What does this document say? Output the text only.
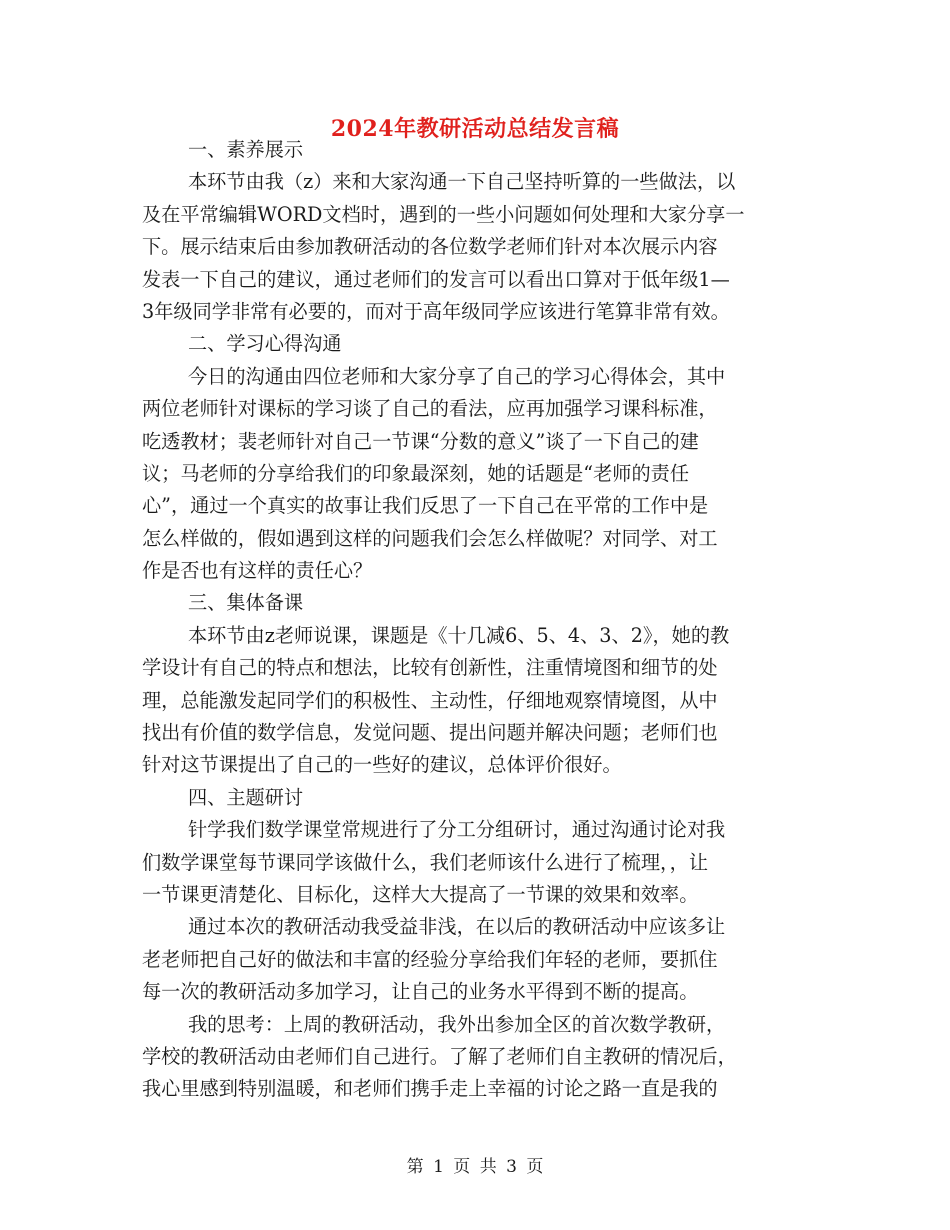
2024年教研活动总结发言稿
一、素养展示
本环节由我（z）来和大家沟通一下自己坚持听算的一些做法，以
及在平常编辑WORD文档时，遇到的一些小问题如何处理和大家分享一
下。展示结束后由参加教研活动的各位数学老师们针对本次展示内容
发表一下自己的建议，通过老师们的发言可以看出口算对于低年级1—
3年级同学非常有必要的，而对于高年级同学应该进行笔算非常有效。
二、学习心得沟通
今日的沟通由四位老师和大家分享了自己的学习心得体会，其中
两位老师针对课标的学习谈了自己的看法，应再加强学习课科标准，
吃透教材；裴老师针对自己一节课“分数的意义”谈了一下自己的建
议；马老师的分享给我们的印象最深刻，她的话题是“老师的责任
心”，通过一个真实的故事让我们反思了一下自己在平常的工作中是
怎么样做的，假如遇到这样的问题我们会怎么样做呢？对同学、对工
作是否也有这样的责任心？
三、集体备课
本环节由z老师说课，课题是《十几减6、5、4、3、2》，她的教
学设计有自己的特点和想法，比较有创新性，注重情境图和细节的处
理，总能激发起同学们的积极性、主动性，仔细地观察情境图，从中
找出有价值的数学信息，发觉问题、提出问题并解决问题；老师们也
针对这节课提出了自己的一些好的建议，总体评价很好。
四、主题研讨
针学我们数学课堂常规进行了分工分组研讨，通过沟通讨论对我
们数学课堂每节课同学该做什么，我们老师该什么进行了梳理，，让
一节课更清楚化、目标化，这样大大提高了一节课的效果和效率。
通过本次的教研活动我受益非浅，在以后的教研活动中应该多让
老老师把自己好的做法和丰富的经验分享给我们年轻的老师，要抓住
每一次的教研活动多加学习，让自己的业务水平得到不断的提高。
我的思考：上周的教研活动，我外出参加全区的首次数学教研，
学校的教研活动由老师们自己进行。了解了老师们自主教研的情况后，
我心里感到特别温暖，和老师们携手走上幸福的讨论之路一直是我的
第 1 页 共 3 页
